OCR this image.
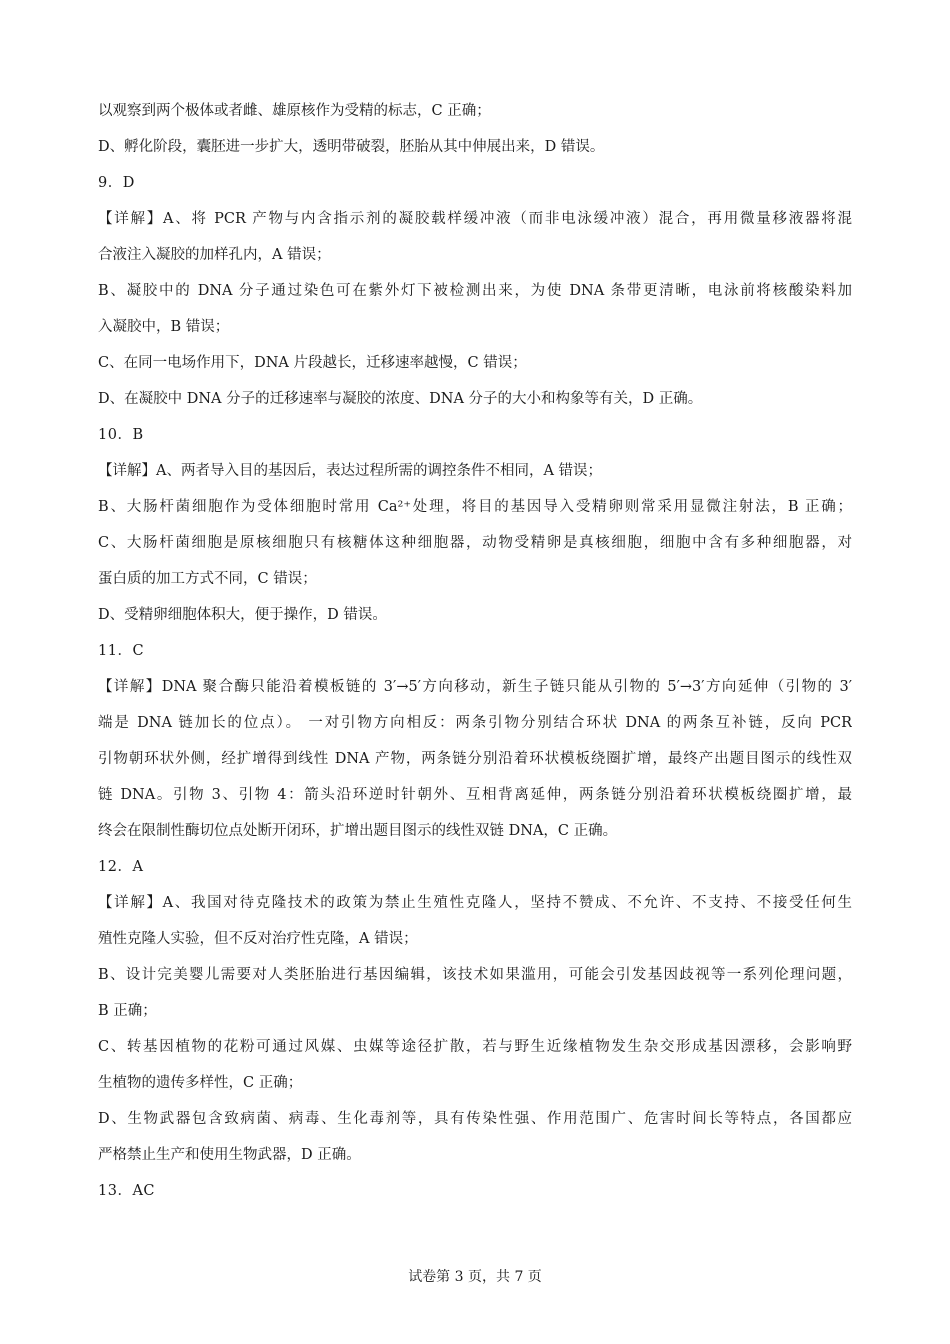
以观察到两个极体或者雌、雄原核作为受精的标志，C 正确；
D、孵化阶段，囊胚进一步扩大，透明带破裂，胚胎从其中伸展出来，D 错误。
9．D
【详解】A、将 PCR 产物与内含指示剂的凝胶载样缓冲液（而非电泳缓冲液）混合，再用微量移液器将混
合液注入凝胶的加样孔内，A 错误；
B、凝胶中的 DNA 分子通过染色可在紫外灯下被检测出来，为使 DNA 条带更清晰，电泳前将核酸染料加
入凝胶中，B 错误；
C、在同一电场作用下，DNA 片段越长，迁移速率越慢，C 错误；
D、在凝胶中 DNA 分子的迁移速率与凝胶的浓度、DNA 分子的大小和构象等有关，D 正确。
10．B
【详解】A、两者导入目的基因后，表达过程所需的调控条件不相同，A 错误；
B、大肠杆菌细胞作为受体细胞时常用 Ca²⁺处理，将目的基因导入受精卵则常采用显微注射法，B 正确；
C、大肠杆菌细胞是原核细胞只有核糖体这种细胞器，动物受精卵是真核细胞，细胞中含有多种细胞器，对
蛋白质的加工方式不同，C 错误；
D、受精卵细胞体积大，便于操作，D 错误。
11．C
【详解】DNA 聚合酶只能沿着模板链的 3′→5′方向移动，新生子链只能从引物的 5′→3′方向延伸（引物的 3′
端是 DNA 链加长的位点）。 一对引物方向相反：两条引物分别结合环状 DNA 的两条互补链，反向 PCR
引物朝环状外侧，经扩增得到线性 DNA 产物，两条链分别沿着环状模板绕圈扩增，最终产出题目图示的线性双
链 DNA。引物 3、引物 4：箭头沿环逆时针朝外、互相背离延伸，两条链分别沿着环状模板绕圈扩增，最
终会在限制性酶切位点处断开闭环，扩增出题目图示的线性双链 DNA，C 正确。
12．A
【详解】A、我国对待克隆技术的政策为禁止生殖性克隆人，坚持不赞成、不允许、不支持、不接受任何生
殖性克隆人实验，但不反对治疗性克隆，A 错误；
B、设计完美婴儿需要对人类胚胎进行基因编辑，该技术如果滥用，可能会引发基因歧视等一系列伦理问题，
B 正确；
C、转基因植物的花粉可通过风媒、虫媒等途径扩散，若与野生近缘植物发生杂交形成基因漂移，会影响野
生植物的遗传多样性，C 正确；
D、生物武器包含致病菌、病毒、生化毒剂等，具有传染性强、作用范围广、危害时间长等特点，各国都应
严格禁止生产和使用生物武器，D 正确。
13．AC
试卷第 3 页，共 7 页
